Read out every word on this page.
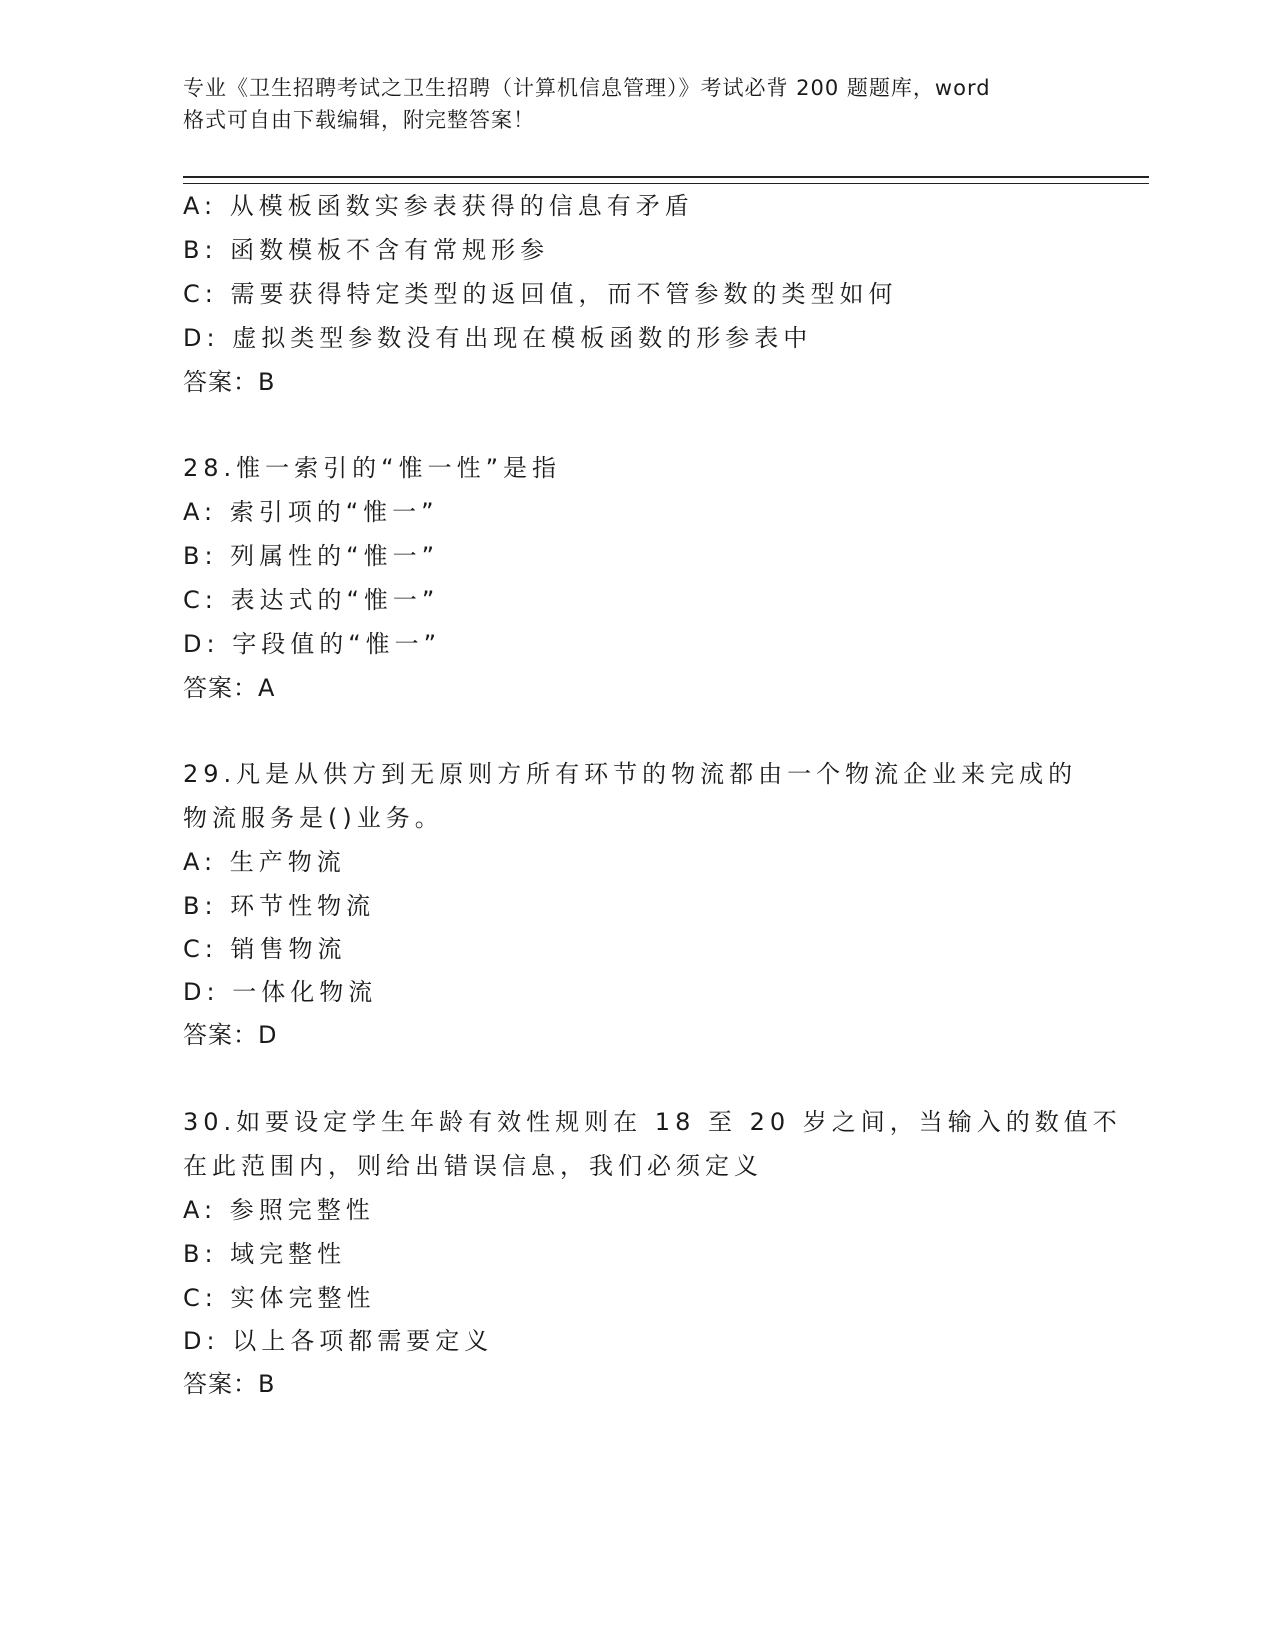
专业《卫生招聘考试之卫生招聘（计算机信息管理）》考试必背 200 题题库，word
格式可自由下载编辑，附完整答案！
A: 从模板函数实参表获得的信息有矛盾
B: 函数模板不含有常规形参
C: 需要获得特定类型的返回值，而不管参数的类型如何
D: 虚拟类型参数没有出现在模板函数的形参表中
答案：B
28.惟一索引的“惟一性”是指
A: 索引项的“惟一”
B: 列属性的“惟一”
C: 表达式的“惟一”
D: 字段值的“惟一”
答案：A
29.凡是从供方到无原则方所有环节的物流都由一个物流企业来完成的
物流服务是()业务。
A: 生产物流
B: 环节性物流
C: 销售物流
D: 一体化物流
答案：D
30.如要设定学生年龄有效性规则在 18 至 20 岁之间，当输入的数值不
在此范围内，则给出错误信息，我们必须定义
A: 参照完整性
B: 域完整性
C: 实体完整性
D: 以上各项都需要定义
答案：B
